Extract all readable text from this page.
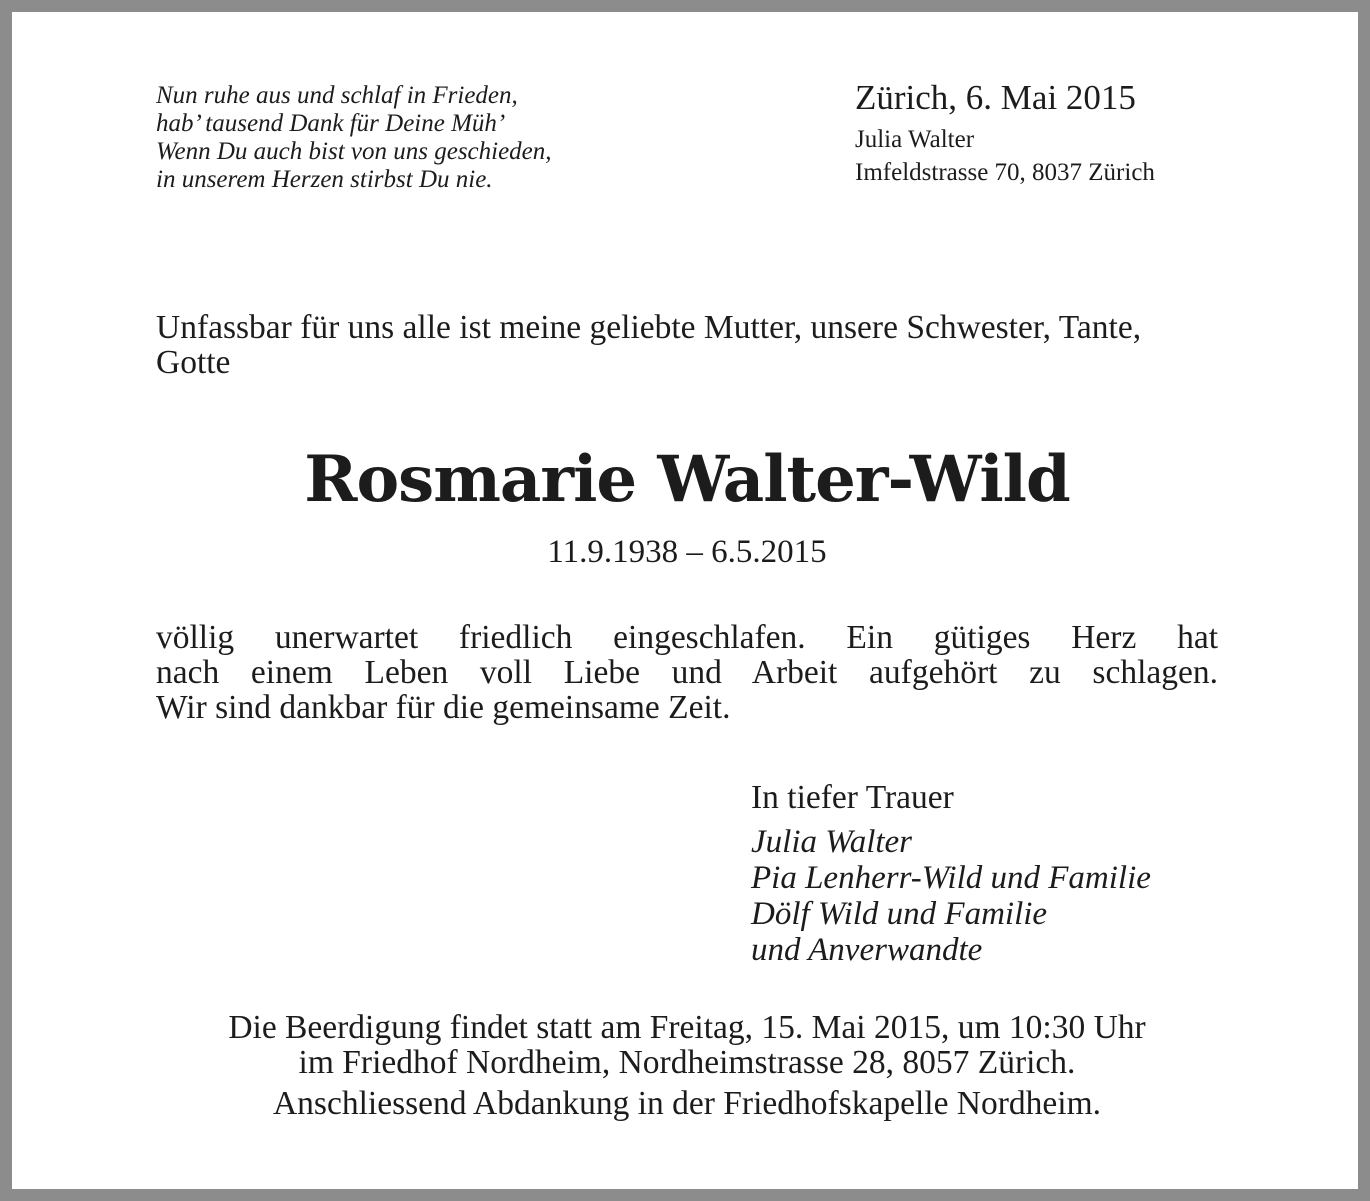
Nun ruhe aus und schlaf in Frieden,
hab’ tausend Dank für Deine Müh’
Wenn Du auch bist von uns geschieden,
in unserem Herzen stirbst Du nie.
Zürich, 6. Mai 2015
Julia Walter
Imfeldstrasse 70, 8037 Zürich

Unfassbar für uns alle ist meine geliebte Mutter, unsere Schwester, Tante, Gotte

Rosmarie Walter-Wild
11.9.1938 – 6.5.2015
völlig unerwartet friedlich eingeschlafen. Ein gütiges Herz hat
nach einem Leben voll Liebe und Arbeit aufgehört zu schlagen.
Wir sind dankbar für die gemeinsame Zeit.
In tiefer Trauer
Julia Walter
Pia Lenherr-Wild und Familie
Dölf Wild und Familie
und Anverwandte
Die Beerdigung findet statt am Freitag, 15. Mai 2015, um 10:30 Uhr
im Friedhof Nordheim, Nordheimstrasse 28, 8057 Zürich.
Anschliessend Abdankung in der Friedhofskapelle Nordheim.
